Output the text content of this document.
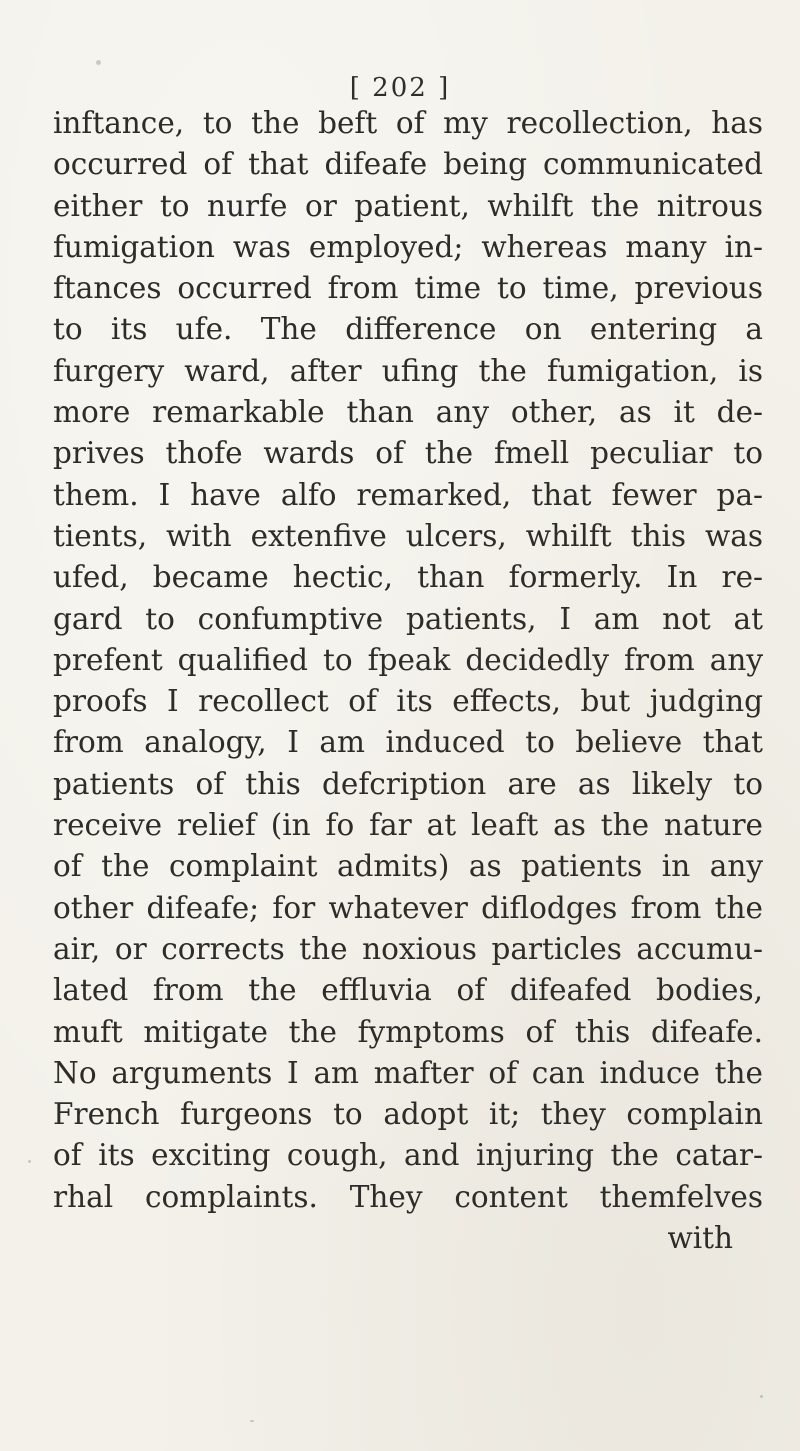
[ 202 ]
inftance, to the beft of my recollection, has
occurred of that difeafe being communicated
either to nurfe or patient, whilft the nitrous
fumigation was employed; whereas many in-
ftances occurred from time to time, previous
to its ufe. The difference on entering a
furgery ward, after ufing the fumigation, is
more remarkable than any other, as it de-
prives thofe wards of the fmell peculiar to
them. I have alfo remarked, that fewer pa-
tients, with extenfive ulcers, whilft this was
ufed, became hectic, than formerly. In re-
gard to confumptive patients, I am not at
prefent qualified to fpeak decidedly from any
proofs I recollect of its effects, but judging
from analogy, I am induced to believe that
patients of this defcription are as likely to
receive relief (in fo far at leaft as the nature
of the complaint admits) as patients in any
other difeafe; for whatever diflodges from the
air, or corrects the noxious particles accumu-
lated from the effluvia of difeafed bodies,
muft mitigate the fymptoms of this difeafe.
No arguments I am mafter of can induce the
French furgeons to adopt it; they complain
of its exciting cough, and injuring the catar-
rhal complaints. They content themfelves
with
